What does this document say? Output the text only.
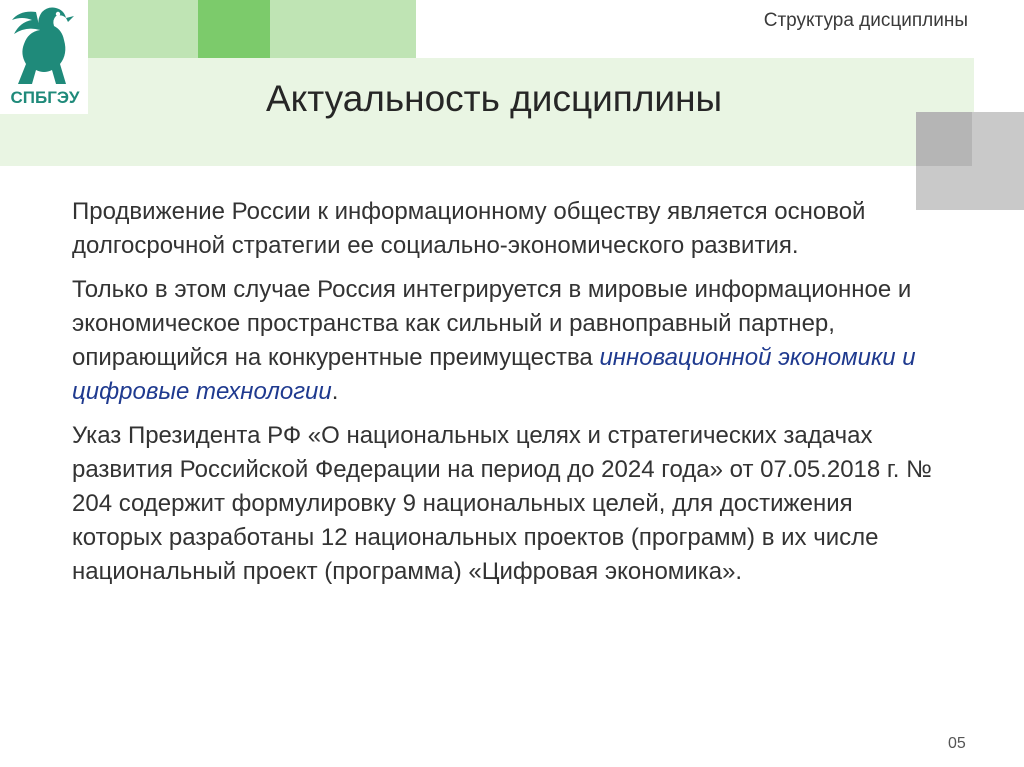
СПБГЭУ
Структура дисциплины
Актуальность дисциплины

Продвижение России к информационному обществу является основой долгосрочной стратегии ее социально-экономического развития.

Только в этом случае Россия интегрируется в мировые информационное и экономическое пространства как сильный и равноправный партнер, опирающийся на конкурентные преимущества инновационной экономики и цифровые технологии.

Указ Президента РФ «О национальных целях и стратегических задачах развития Российской Федерации на период до 2024 года» от 07.05.2018 г. № 204 содержит формулировку 9 национальных целей, для достижения которых разработаны 12 национальных проектов (программ) в их числе национальный проект (программа) «Цифровая экономика».

05
